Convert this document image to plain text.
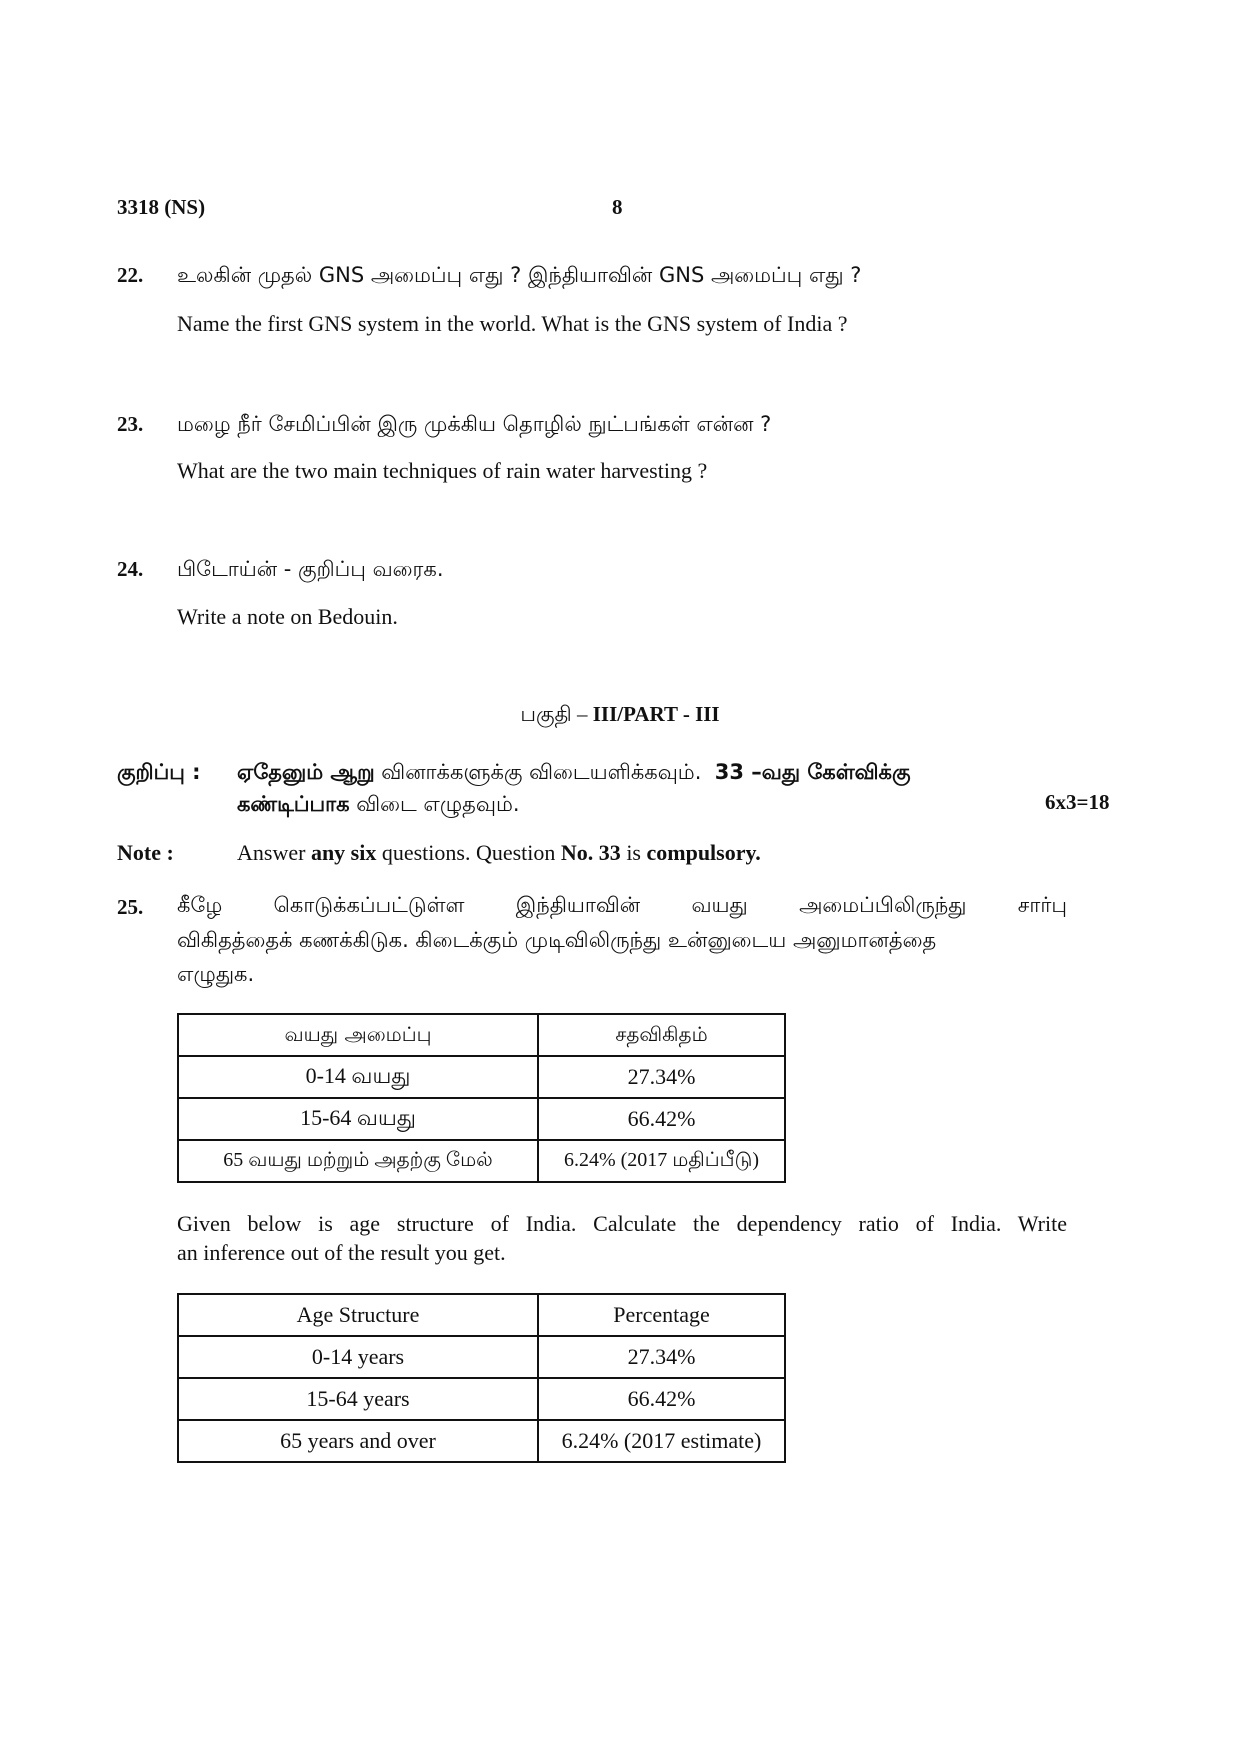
3318 (NS)	8
22. உலகின் முதல் GNS அமைப்பு எது ? இந்தியாவின் GNS அமைப்பு எது ?
Name the first GNS system in the world. What is the GNS system of India ?
23. மழை நீர் சேமிப்பின் இரு முக்கிய தொழில் நுட்பங்கள் என்ன ?
What are the two main techniques of rain water harvesting ?
24. பிடோய்ன் - குறிப்பு வரைக.
Write a note on Bedouin.
பகுதி – III/PART - III
குறிப்பு : ஏதேனும் ஆறு வினாக்களுக்கு விடையளிக்கவும்.  33 –வது கேள்விக்கு
கண்டிப்பாக விடை எழுதவும்.	6x3=18
Note :	Answer any six questions. Question No. 33 is compulsory.
25. கீழே கொடுக்கப்பட்டுள்ள இந்தியாவின் வயது அமைப்பிலிருந்து சார்பு
விகிதத்தைக் கணக்கிடுக. கிடைக்கும் முடிவிலிருந்து உன்னுடைய அனுமானத்தை
எழுதுக.
வயது அமைப்பு	சதவிகிதம்
0-14 வயது	27.34%
15-64 வயது	66.42%
65 வயது மற்றும் அதற்கு மேல்	6.24% (2017 மதிப்பீடு)
Given below is age structure of India. Calculate the dependency ratio of India. Write
an inference out of the result you get.
Age Structure	Percentage
0-14 years	27.34%
15-64 years	66.42%
65 years and over	6.24% (2017 estimate)
